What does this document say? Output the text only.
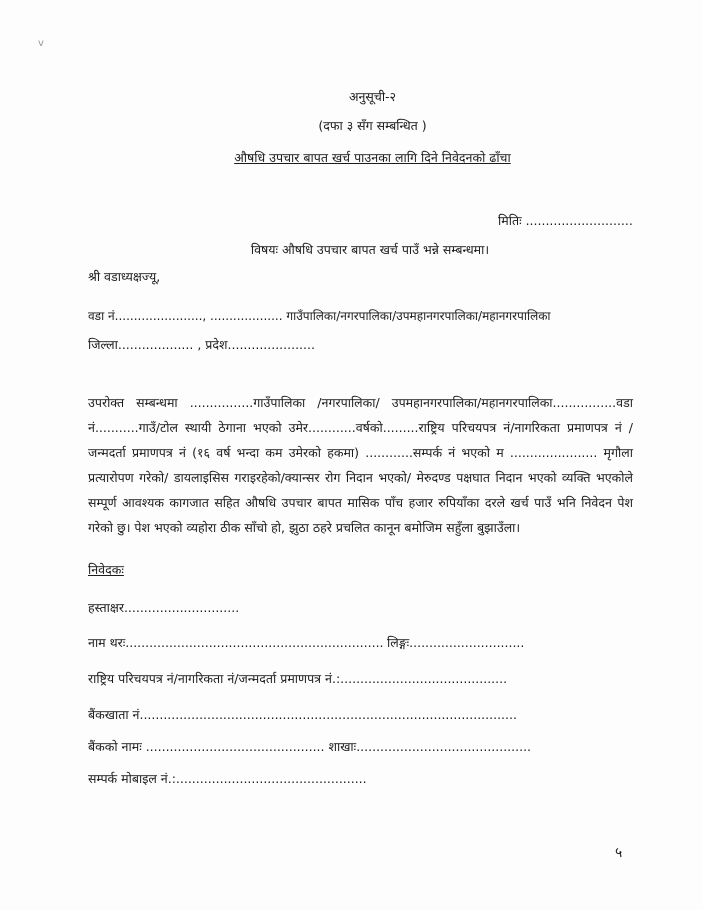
v
अनुसूची-२
(दफा ३ सँग सम्बन्धित )
औषधि उपचार बापत खर्च पाउनका लागि दिने निवेदनको ढाँचा
मितिः ...........................
विषयः औषधि उपचार बापत खर्च पाउँ भन्ने सम्बन्धमा।
श्री वडाध्यक्षज्यू,
वडा नं......................., ................... गाउँपालिका/नगरपालिका/उपमहानगरपालिका/महानगरपालिका
जिल्ला................... , प्रदेश......................
उपरोक्त सम्बन्धमा ................गाउँपालिका /नगरपालिका/ उपमहानगरपालिका/महानगरपालिका................वडा नं...........गाउँ/टोल स्थायी ठेगाना भएको उमेर............वर्षको.........राष्ट्रिय परिचयपत्र नं/नागरिकता प्रमाणपत्र नं / जन्मदर्ता प्रमाणपत्र नं (१६ वर्ष भन्दा कम उमेरको हकमा) ............सम्पर्क नं भएको म ...................... मृगौला प्रत्यारोपण गरेको/ डायलाइसिस गराइरहेको/क्यान्सर रोग निदान भएको/ मेरुदण्ड पक्षघात निदान भएको व्यक्ति भएकोले सम्पूर्ण आवश्यक कागजात सहित औषधि उपचार बापत मासिक पाँच हजार रुपियाँका दरले खर्च पाउँ भनि निवेदन पेश गरेको छु। पेश भएको व्यहोरा ठीक साँचो हो, झुठा ठहरे प्रचलित कानून बमोजिम सहुँला बुझाउँला।
निवेदकः
हस्ताक्षर.............................
नाम थरः................................................................. लिङ्गः.............................
राष्ट्रिय परिचयपत्र नं/नागरिकता नं/जन्मदर्ता प्रमाणपत्र नं.:..........................................
बैंकखाता नं...............................................................................................
बैंकको नामः ............................................. शाखाः............................................
सम्पर्क मोबाइल नं.:................................................
५
